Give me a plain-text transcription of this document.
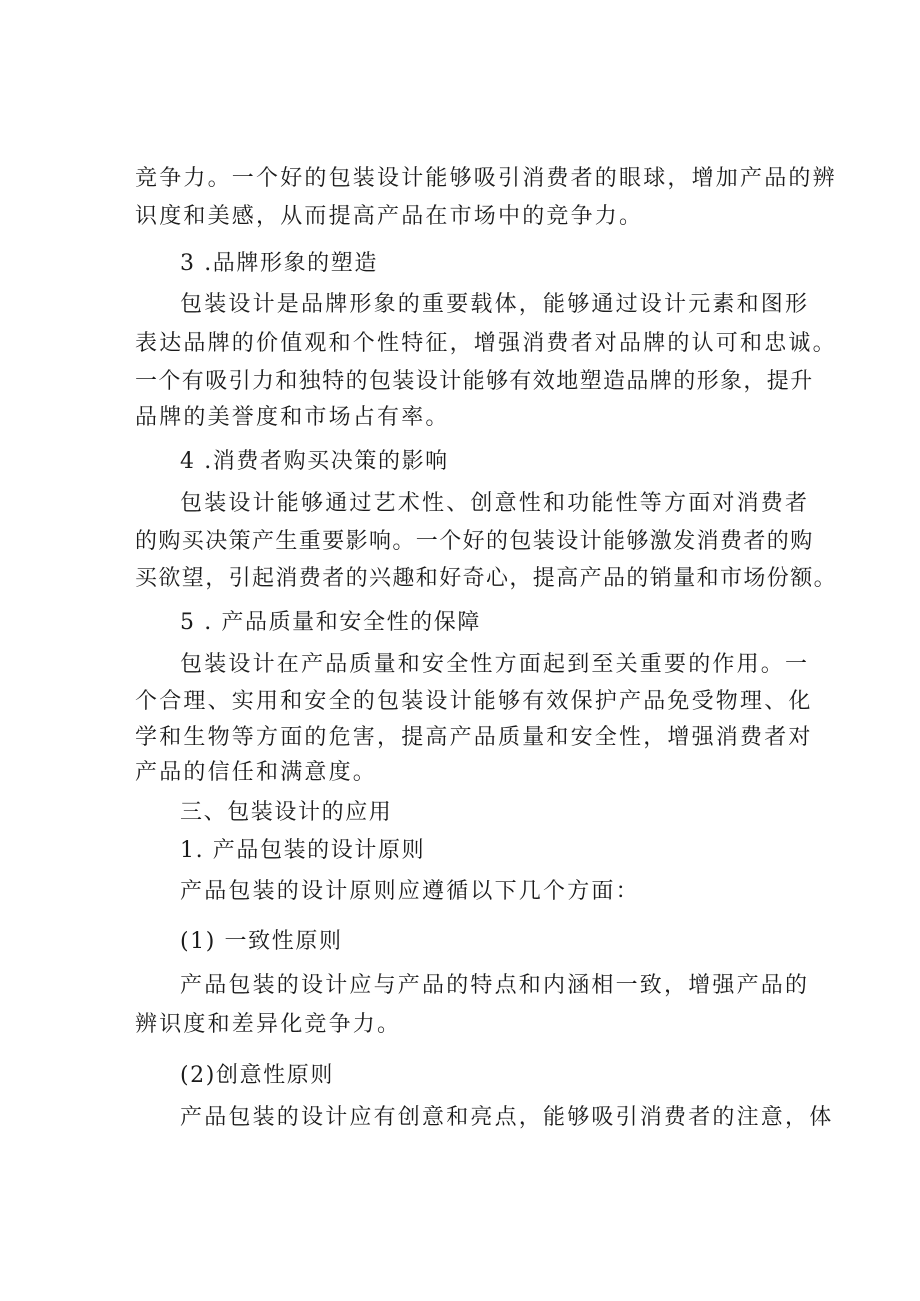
竞争力。一个好的包装设计能够吸引消费者的眼球，增加产品的辨
识度和美感，从而提高产品在市场中的竞争力。
3 .品牌形象的塑造
包装设计是品牌形象的重要载体，能够通过设计元素和图形
表达品牌的价值观和个性特征，增强消费者对品牌的认可和忠诚。
一个有吸引力和独特的包装设计能够有效地塑造品牌的形象，提升
品牌的美誉度和市场占有率。
4 .消费者购买决策的影响
包装设计能够通过艺术性、创意性和功能性等方面对消费者
的购买决策产生重要影响。一个好的包装设计能够激发消费者的购
买欲望，引起消费者的兴趣和好奇心，提高产品的销量和市场份额。
5 . 产品质量和安全性的保障
包装设计在产品质量和安全性方面起到至关重要的作用。一
个合理、实用和安全的包装设计能够有效保护产品免受物理、化
学和生物等方面的危害，提高产品质量和安全性，增强消费者对
产品的信任和满意度。
三、包装设计的应用
1. 产品包装的设计原则
产品包装的设计原则应遵循以下几个方面：
(1) 一致性原则
产品包装的设计应与产品的特点和内涵相一致，增强产品的
辨识度和差异化竞争力。
(2)创意性原则
产品包装的设计应有创意和亮点，能够吸引消费者的注意，体
